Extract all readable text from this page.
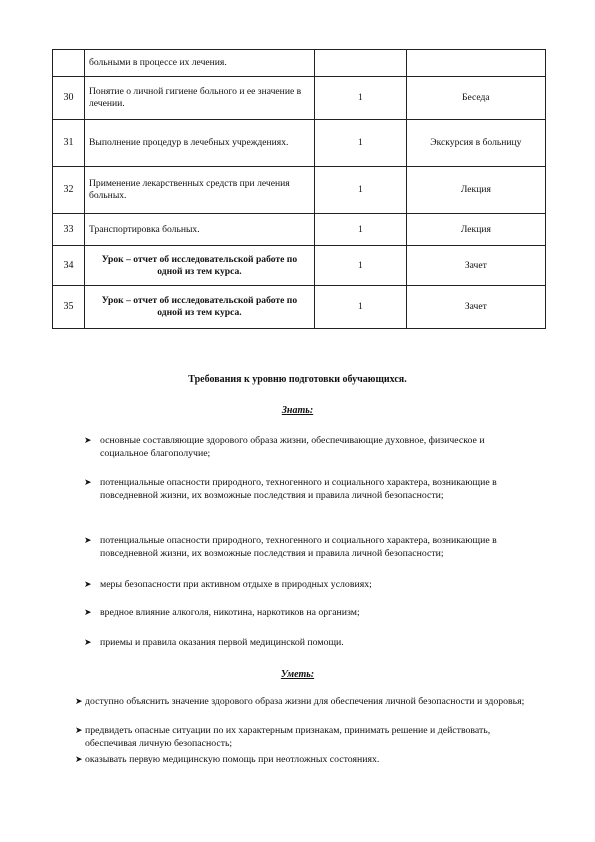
	больными в процессе их лечения.		
30	Понятие о личной гигиене больного и ее значение в лечении.	1	Беседа
31	Выполнение процедур в лечебных учреждениях.	1	Экскурсия в больницу
32	Применение лекарственных средств при лечения больных.	1	Лекция
33	Транспортировка больных.	1	Лекция
34	Урок – отчет об исследовательской работе по одной из тем курса.	1	Зачет
35	Урок – отчет об исследовательской работе по одной из тем курса.	1	Зачет
Требования к уровню подготовки обучающихся.
Знать:
➤ основные составляющие здорового образа жизни, обеспечивающие духовное, физическое и социальное благополучие;
➤ потенциальные опасности природного, техногенного и социального характера, возникающие в повседневной жизни, их возможные последствия и правила личной безопасности;
➤ потенциальные опасности природного, техногенного и социального характера, возникающие в повседневной жизни, их возможные последствия и правила личной безопасности;
➤ меры безопасности при активном отдыхе в природных условиях;
➤ вредное влияние алкоголя, никотина, наркотиков на организм;
➤ приемы и правила оказания первой медицинской помощи.
Уметь:
➤ доступно объяснить значение здорового образа жизни для обеспечения личной безопасности и здоровья;
➤ предвидеть опасные ситуации по их характерным признакам, принимать решение и действовать, обеспечивая личную безопасность;
➤ оказывать первую медицинскую помощь при неотложных состояниях.
